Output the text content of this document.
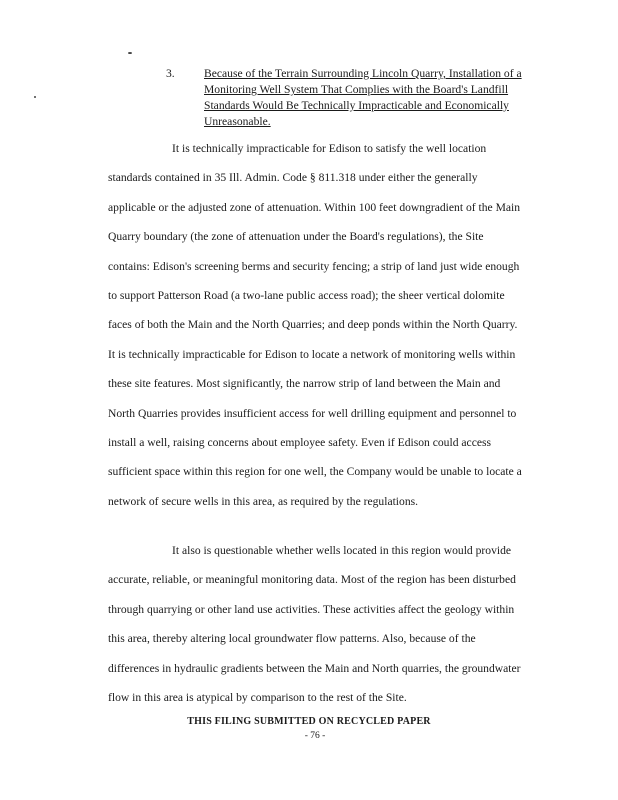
3.	Because of the Terrain Surrounding Lincoln Quarry, Installation of a Monitoring Well System That Complies with the Board's Landfill Standards Would Be Technically Impracticable and Economically Unreasonable.

It is technically impracticable for Edison to satisfy the well location standards contained in 35 Ill. Admin. Code § 811.318 under either the generally applicable or the adjusted zone of attenuation. Within 100 feet downgradient of the Main Quarry boundary (the zone of attenuation under the Board's regulations), the Site contains: Edison's screening berms and security fencing; a strip of land just wide enough to support Patterson Road (a two-lane public access road); the sheer vertical dolomite faces of both the Main and the North Quarries; and deep ponds within the North Quarry. It is technically impracticable for Edison to locate a network of monitoring wells within these site features. Most significantly, the narrow strip of land between the Main and North Quarries provides insufficient access for well drilling equipment and personnel to install a well, raising concerns about employee safety. Even if Edison could access sufficient space within this region for one well, the Company would be unable to locate a network of secure wells in this area, as required by the regulations.

It also is questionable whether wells located in this region would provide accurate, reliable, or meaningful monitoring data. Most of the region has been disturbed through quarrying or other land use activities. These activities affect the geology within this area, thereby altering local groundwater flow patterns. Also, because of the differences in hydraulic gradients between the Main and North quarries, the groundwater flow in this area is atypical by comparison to the rest of the Site.

THIS FILING SUBMITTED ON RECYCLED PAPER
- 76 -
